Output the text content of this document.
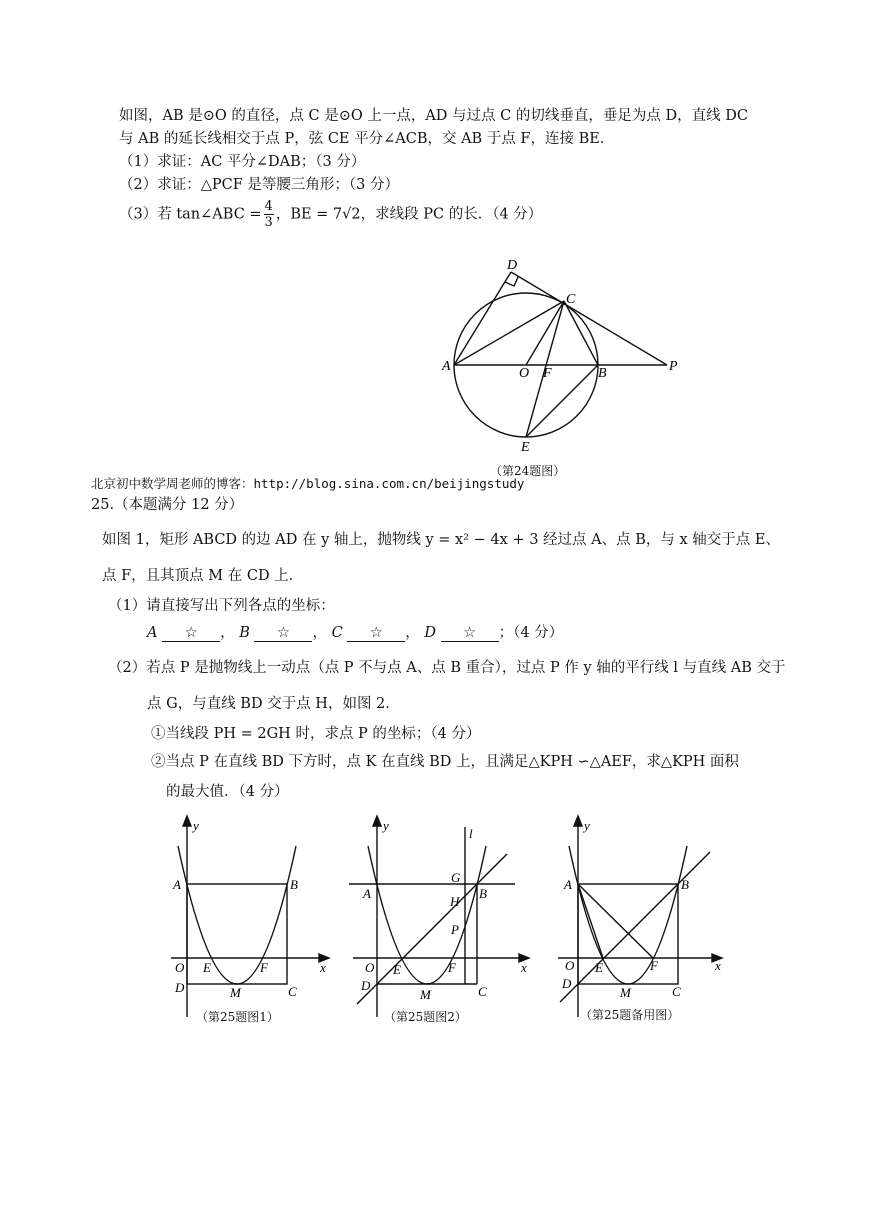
如图，AB 是⊙O 的直径，点 C 是⊙O 上一点，AD 与过点 C 的切线垂直，垂足为点 D，直线 DC
与 AB 的延长线相交于点 P，弦 CE 平分∠ACB，交 AB 于点 F，连接 BE．
（1）求证：AC 平分∠DAB；（3 分）
（2）求证：△PCF 是等腰三角形；（3 分）
（3）若 tan∠ABC = $\frac{4}{3}$ ，BE = 7√2，求线段 PC 的长．（4 分）
D
C
A	O F	B	P
E
（第24题图）
北京初中数学周老师的博客：http://blog.sina.com.cn/beijingstudy
25.（本题满分 12 分）
如图 1，矩形 ABCD 的边 AD 在 y 轴上，抛物线 y = x² − 4x + 3 经过点 A、点 B，与 x 轴交于点 E、
点 F，且其顶点 M 在 CD 上．
（1）请直接写出下列各点的坐标：
A ☆ ， B ☆ ， C ☆ ， D ☆ ；（4 分）
（2）若点 P 是抛物线上一动点（点 P 不与点 A、点 B 重合），过点 P 作 y 轴的平行线 l 与直线 AB 交于
点 G，与直线 BD 交于点 H，如图 2．
①当线段 PH = 2GH 时，求点 P 的坐标；（4 分）
②当点 P 在直线 BD 下方时，点 K 在直线 BD 上，且满足△KPH ∽△AEF，求△KPH 面积
的最大值．（4 分）
y
A	B
O E	F	x
D	M	C
（第25题图1）
y
l
A
G
B
H
P
O E	F	x
D
M	C
（第25题图2）
y
A	B
O E	F	x
D
M	C
（第25题备用图）
